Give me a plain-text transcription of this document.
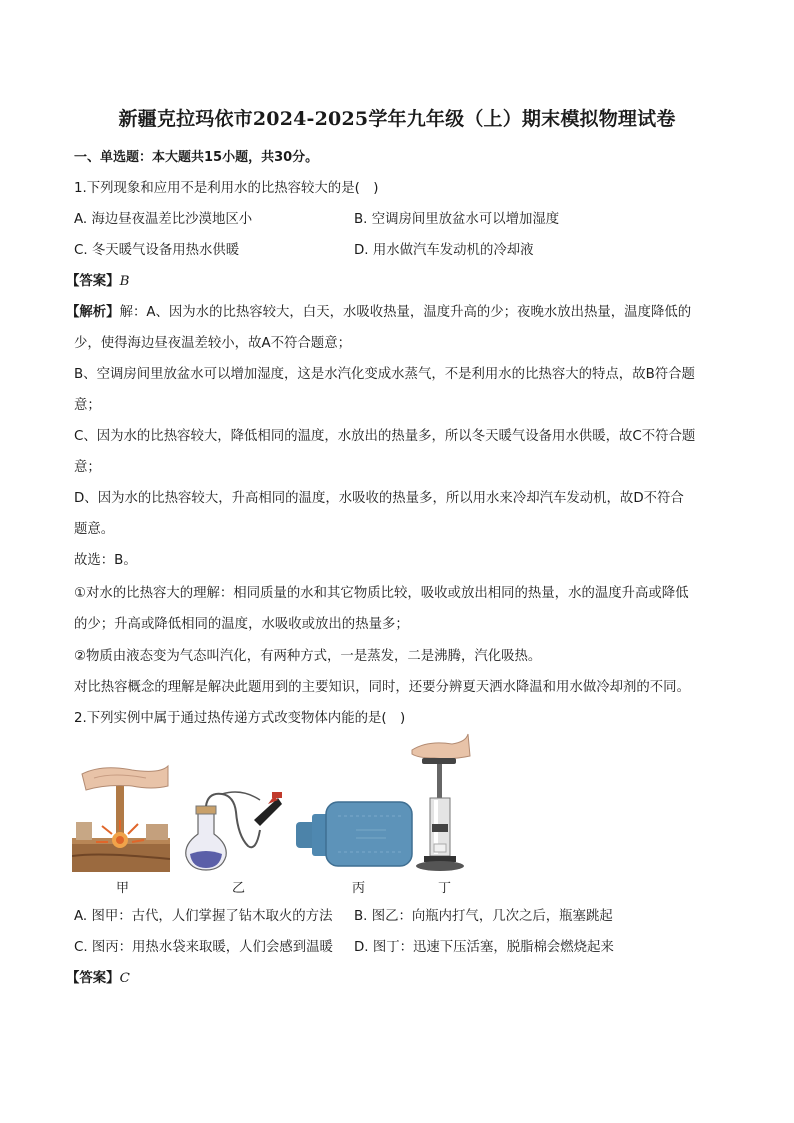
新疆克拉玛依市2024-2025学年九年级（上）期末模拟物理试卷
一、单选题：本大题共15小题，共30分。
1.下列现象和应用不是利用水的比热容较大的是(　)
A. 海边昼夜温差比沙漠地区小	B. 空调房间里放盆水可以增加湿度
C. 冬天暖气设备用热水供暖	D. 用水做汽车发动机的冷却液
【答案】B
【解析】解：A、因为水的比热容较大，白天，水吸收热量，温度升高的少；夜晚水放出热量，温度降低的
少，使得海边昼夜温差较小，故A不符合题意；
B、空调房间里放盆水可以增加湿度，这是水汽化变成水蒸气，不是利用水的比热容大的特点，故B符合题
意；
C、因为水的比热容较大，降低相同的温度，水放出的热量多，所以冬天暖气设备用水供暖，故C不符合题
意；
D、因为水的比热容较大，升高相同的温度，水吸收的热量多，所以用水来冷却汽车发动机，故D不符合
题意。
故选：B。
①对水的比热容大的理解：相同质量的水和其它物质比较，吸收或放出相同的热量，水的温度升高或降低
的少；升高或降低相同的温度，水吸收或放出的热量多；
②物质由液态变为气态叫汽化，有两种方式，一是蒸发，二是沸腾，汽化吸热。
对比热容概念的理解是解决此题用到的主要知识，同时，还要分辨夏天洒水降温和用水做冷却剂的不同。
2.下列实例中属于通过热传递方式改变物体内能的是(　)
甲	乙	丙	丁
A. 图甲：古代，人们掌握了钻木取火的方法 B. 图乙：向瓶内打气，几次之后，瓶塞跳起
C. 图丙：用热水袋来取暖，人们会感到温暖 D. 图丁：迅速下压活塞，脱脂棉会燃烧起来
【答案】C
